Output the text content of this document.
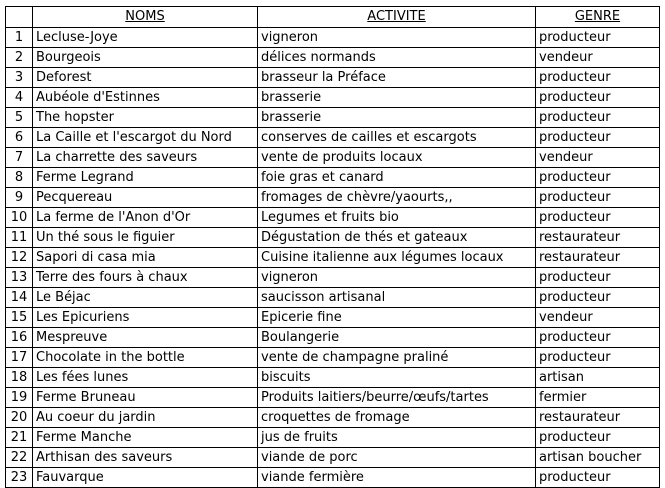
	NOMS	ACTIVITE	GENRE
1	Lecluse-Joye	vigneron	producteur
2	Bourgeois	délices normands	vendeur
3	Deforest	brasseur la Préface	producteur
4	Aubéole d'Estinnes	brasserie	producteur
5	The hopster	brasserie	producteur
6	La Caille et l'escargot du Nord	conserves de cailles et escargots	producteur
7	La charrette des saveurs	vente de produits locaux	vendeur
8	Ferme Legrand	foie gras et canard	producteur
9	Pecquereau	fromages de chèvre/yaourts,,	producteur
10	La ferme de l'Anon d'Or	Legumes et fruits bio	producteur
11	Un thé sous le figuier	Dégustation de thés et gateaux	restaurateur
12	Sapori di casa mia	Cuisine italienne aux légumes locaux	restaurateur
13	Terre des fours à chaux	vigneron	producteur
14	Le Béjac	saucisson artisanal	producteur
15	Les Epicuriens	Epicerie fine	vendeur
16	Mespreuve	Boulangerie	producteur
17	Chocolate in the bottle	vente de champagne praliné	producteur
18	Les fées lunes	biscuits	artisan
19	Ferme Bruneau	Produits laitiers/beurre/œufs/tartes	fermier
20	Au coeur du jardin	croquettes de fromage	restaurateur
21	Ferme Manche	jus de fruits	producteur
22	Arthisan des saveurs	viande de porc	artisan boucher
23	Fauvarque	viande fermière	producteur
